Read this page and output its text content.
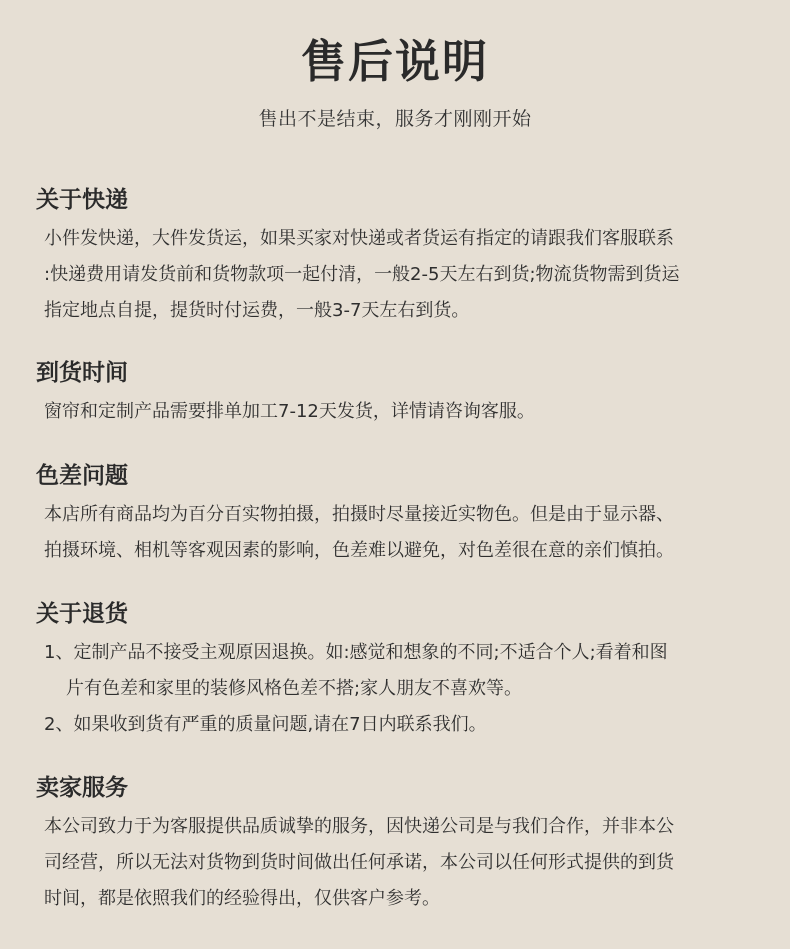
售后说明
售出不是结束，服务才刚刚开始
关于快递
小件发快递，大件发货运，如果买家对快递或者货运有指定的请跟我们客服联系
:快递费用请发货前和货物款项一起付清，一般2-5天左右到货;物流货物需到货运
指定地点自提，提货时付运费，一般3-7天左右到货。
到货时间
窗帘和定制产品需要排单加工7-12天发货，详情请咨询客服。
色差问题
本店所有商品均为百分百实物拍摄，拍摄时尽量接近实物色。但是由于显示器、
拍摄环境、相机等客观因素的影响，色差难以避免，对色差很在意的亲们慎拍。
关于退货
1、定制产品不接受主观原因退换。如:感觉和想象的不同;不适合个人;看着和图
片有色差和家里的装修风格色差不搭;家人朋友不喜欢等。
2、如果收到货有严重的质量问题,请在7日内联系我们。
卖家服务
本公司致力于为客服提供品质诚挚的服务，因快递公司是与我们合作，并非本公
司经营，所以无法对货物到货时间做出任何承诺，本公司以任何形式提供的到货
时间，都是依照我们的经验得出，仅供客户参考。
